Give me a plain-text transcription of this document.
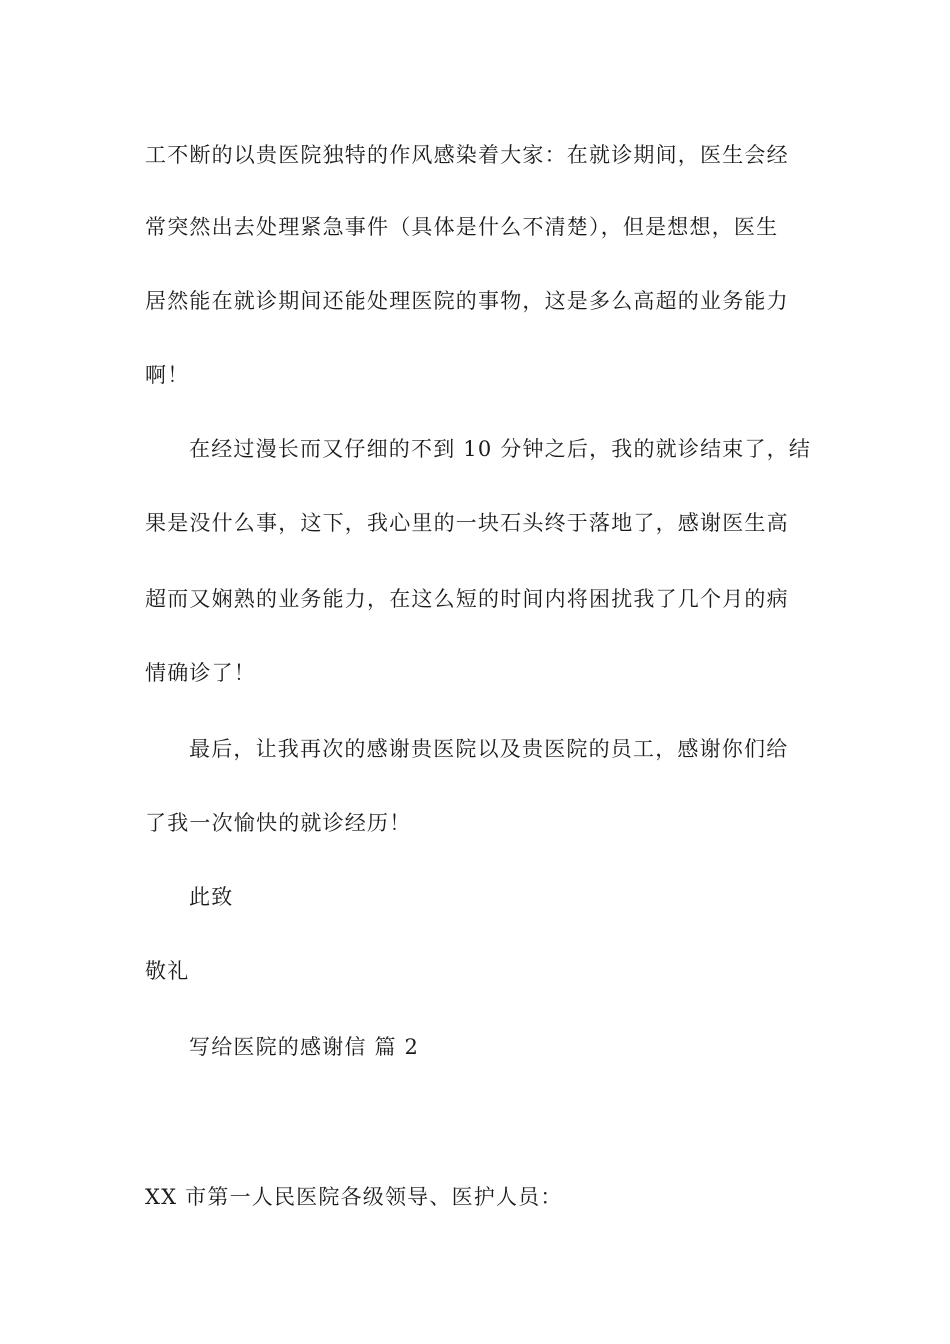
工不断的以贵医院独特的作风感染着大家：在就诊期间，医生会经
常突然出去处理紧急事件（具体是什么不清楚），但是想想，医生
居然能在就诊期间还能处理医院的事物，这是多么高超的业务能力
啊！
在经过漫长而又仔细的不到 10 分钟之后，我的就诊结束了，结
果是没什么事，这下，我心里的一块石头终于落地了，感谢医生高
超而又娴熟的业务能力，在这么短的时间内将困扰我了几个月的病
情确诊了！
最后，让我再次的感谢贵医院以及贵医院的员工，感谢你们给
了我一次愉快的就诊经历！
此致
敬礼
写给医院的感谢信 篇 2
XX 市第一人民医院各级领导、医护人员：
